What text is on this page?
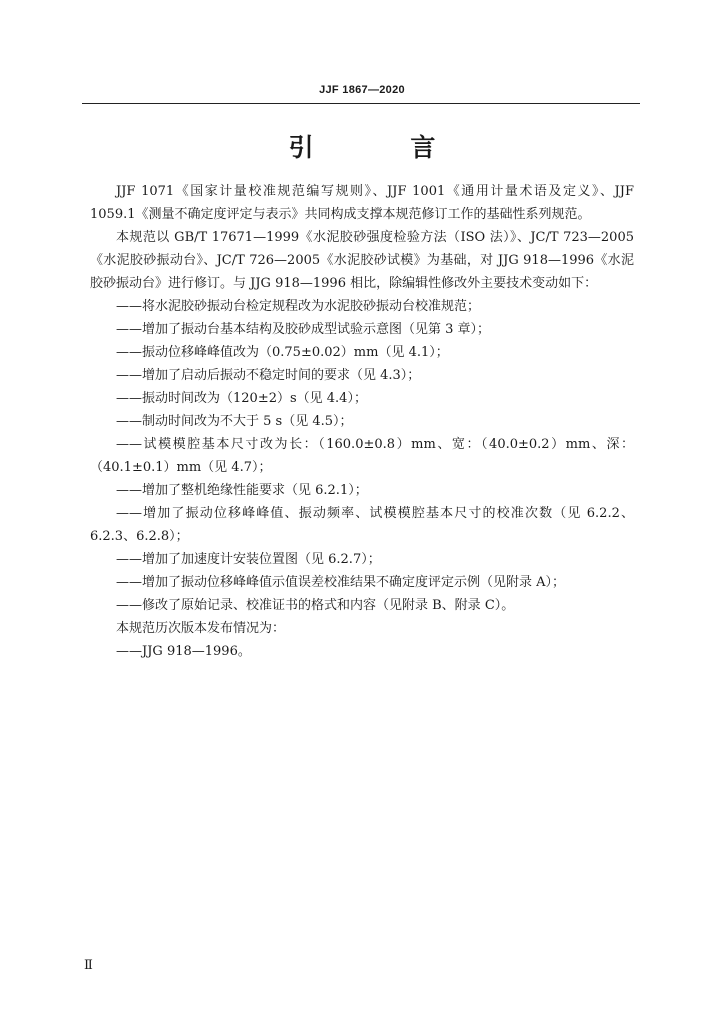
JJF 1867—2020
引 言

JJF 1071《国家计量校准规范编写规则》、JJF 1001《通用计量术语及定义》、JJF 1059.1《测量不确定度评定与表示》共同构成支撑本规范修订工作的基础性系列规范。

本规范以 GB/T 17671—1999《水泥胶砂强度检验方法（ISO 法）》、JC/T 723—2005《水泥胶砂振动台》、JC/T 726—2005《水泥胶砂试模》为基础，对 JJG 918—1996《水泥胶砂振动台》进行修订。与 JJG 918—1996 相比，除编辑性修改外主要技术变动如下：

——将水泥胶砂振动台检定规程改为水泥胶砂振动台校准规范；

——增加了振动台基本结构及胶砂成型试验示意图（见第 3 章）；

——振动位移峰峰值改为（0.75±0.02）mm（见 4.1）；

——增加了启动后振动不稳定时间的要求（见 4.3）；

——振动时间改为（120±2）s（见 4.4）；

——制动时间改为不大于 5 s（见 4.5）；

——试模模腔基本尺寸改为长：（160.0±0.8）mm、宽：（40.0±0.2）mm、深：（40.1±0.1）mm（见 4.7）；

——增加了整机绝缘性能要求（见 6.2.1）；

——增加了振动位移峰峰值、振动频率、试模模腔基本尺寸的校准次数（见 6.2.2、6.2.3、6.2.8）；

——增加了加速度计安装位置图（见 6.2.7）；

——增加了振动位移峰峰值示值误差校准结果不确定度评定示例（见附录 A）；

——修改了原始记录、校准证书的格式和内容（见附录 B、附录 C）。

本规范历次版本发布情况为：

——JJG 918—1996。

Ⅱ
